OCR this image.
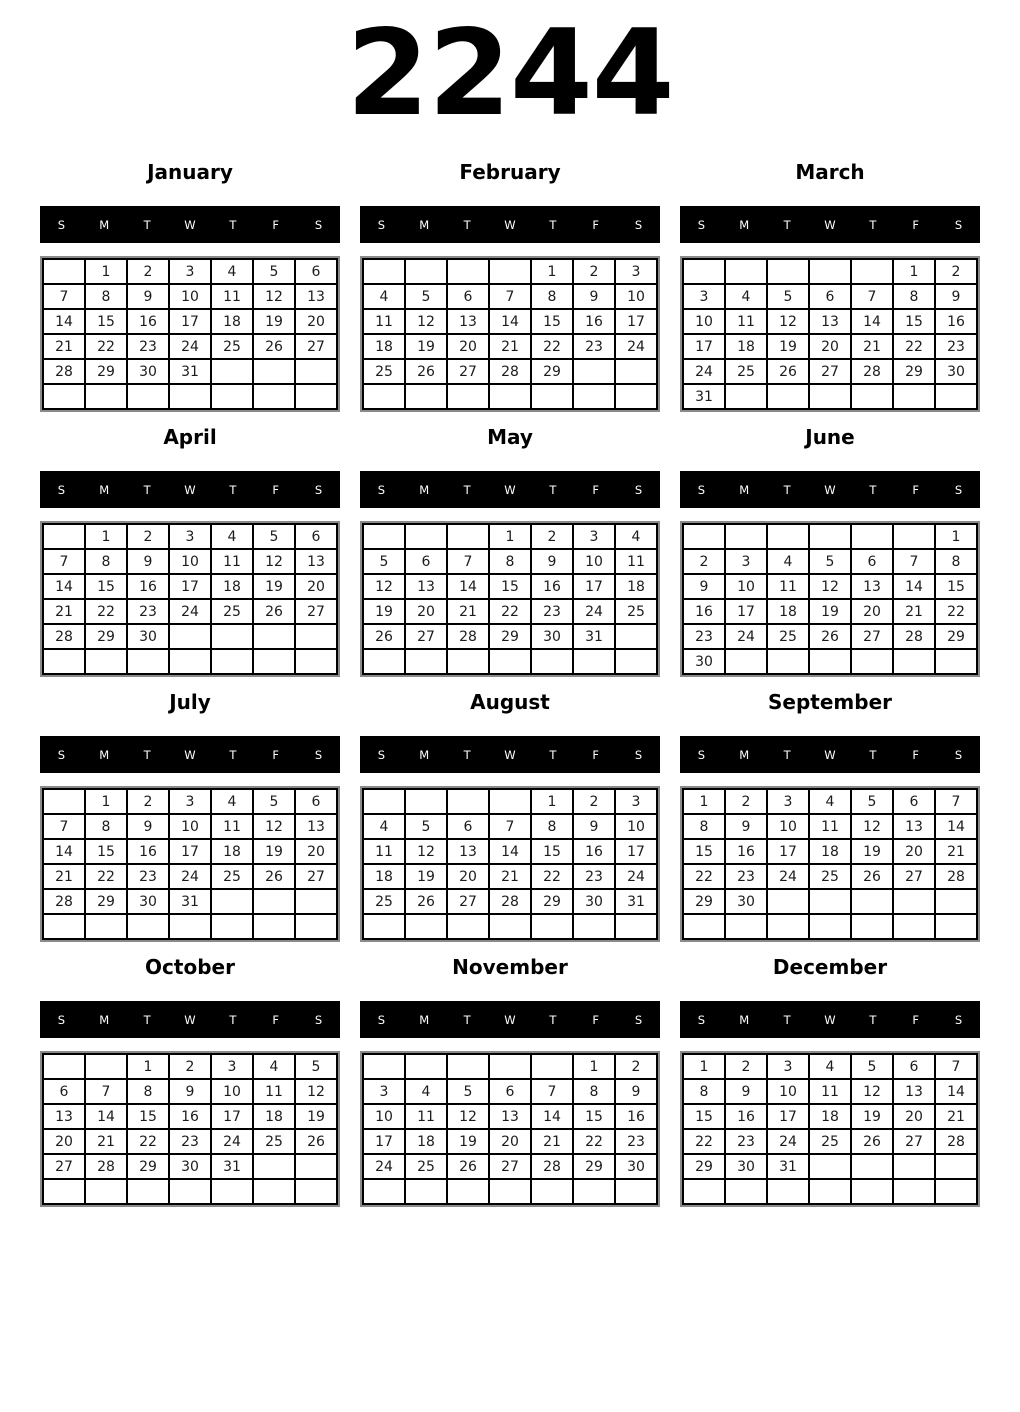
2244
January
S	M	T	W	T	F	S
	1	2	3	4	5	6
7	8	9	10	11	12	13
14	15	16	17	18	19	20
21	22	23	24	25	26	27
28	29	30	31			

February
S	M	T	W	T	F	S
				1	2	3
4	5	6	7	8	9	10
11	12	13	14	15	16	17
18	19	20	21	22	23	24
25	26	27	28	29		

March
S	M	T	W	T	F	S
					1	2
3	4	5	6	7	8	9
10	11	12	13	14	15	16
17	18	19	20	21	22	23
24	25	26	27	28	29	30
31						
April
S	M	T	W	T	F	S
	1	2	3	4	5	6
7	8	9	10	11	12	13
14	15	16	17	18	19	20
21	22	23	24	25	26	27
28	29	30				

May
S	M	T	W	T	F	S
			1	2	3	4
5	6	7	8	9	10	11
12	13	14	15	16	17	18
19	20	21	22	23	24	25
26	27	28	29	30	31	

June
S	M	T	W	T	F	S
						1
2	3	4	5	6	7	8
9	10	11	12	13	14	15
16	17	18	19	20	21	22
23	24	25	26	27	28	29
30						
July
S	M	T	W	T	F	S
	1	2	3	4	5	6
7	8	9	10	11	12	13
14	15	16	17	18	19	20
21	22	23	24	25	26	27
28	29	30	31			

August
S	M	T	W	T	F	S
				1	2	3
4	5	6	7	8	9	10
11	12	13	14	15	16	17
18	19	20	21	22	23	24
25	26	27	28	29	30	31

September
S	M	T	W	T	F	S
1	2	3	4	5	6	7
8	9	10	11	12	13	14
15	16	17	18	19	20	21
22	23	24	25	26	27	28
29	30					

October
S	M	T	W	T	F	S
		1	2	3	4	5
6	7	8	9	10	11	12
13	14	15	16	17	18	19
20	21	22	23	24	25	26
27	28	29	30	31		

November
S	M	T	W	T	F	S
					1	2
3	4	5	6	7	8	9
10	11	12	13	14	15	16
17	18	19	20	21	22	23
24	25	26	27	28	29	30

December
S	M	T	W	T	F	S
1	2	3	4	5	6	7
8	9	10	11	12	13	14
15	16	17	18	19	20	21
22	23	24	25	26	27	28
29	30	31				
